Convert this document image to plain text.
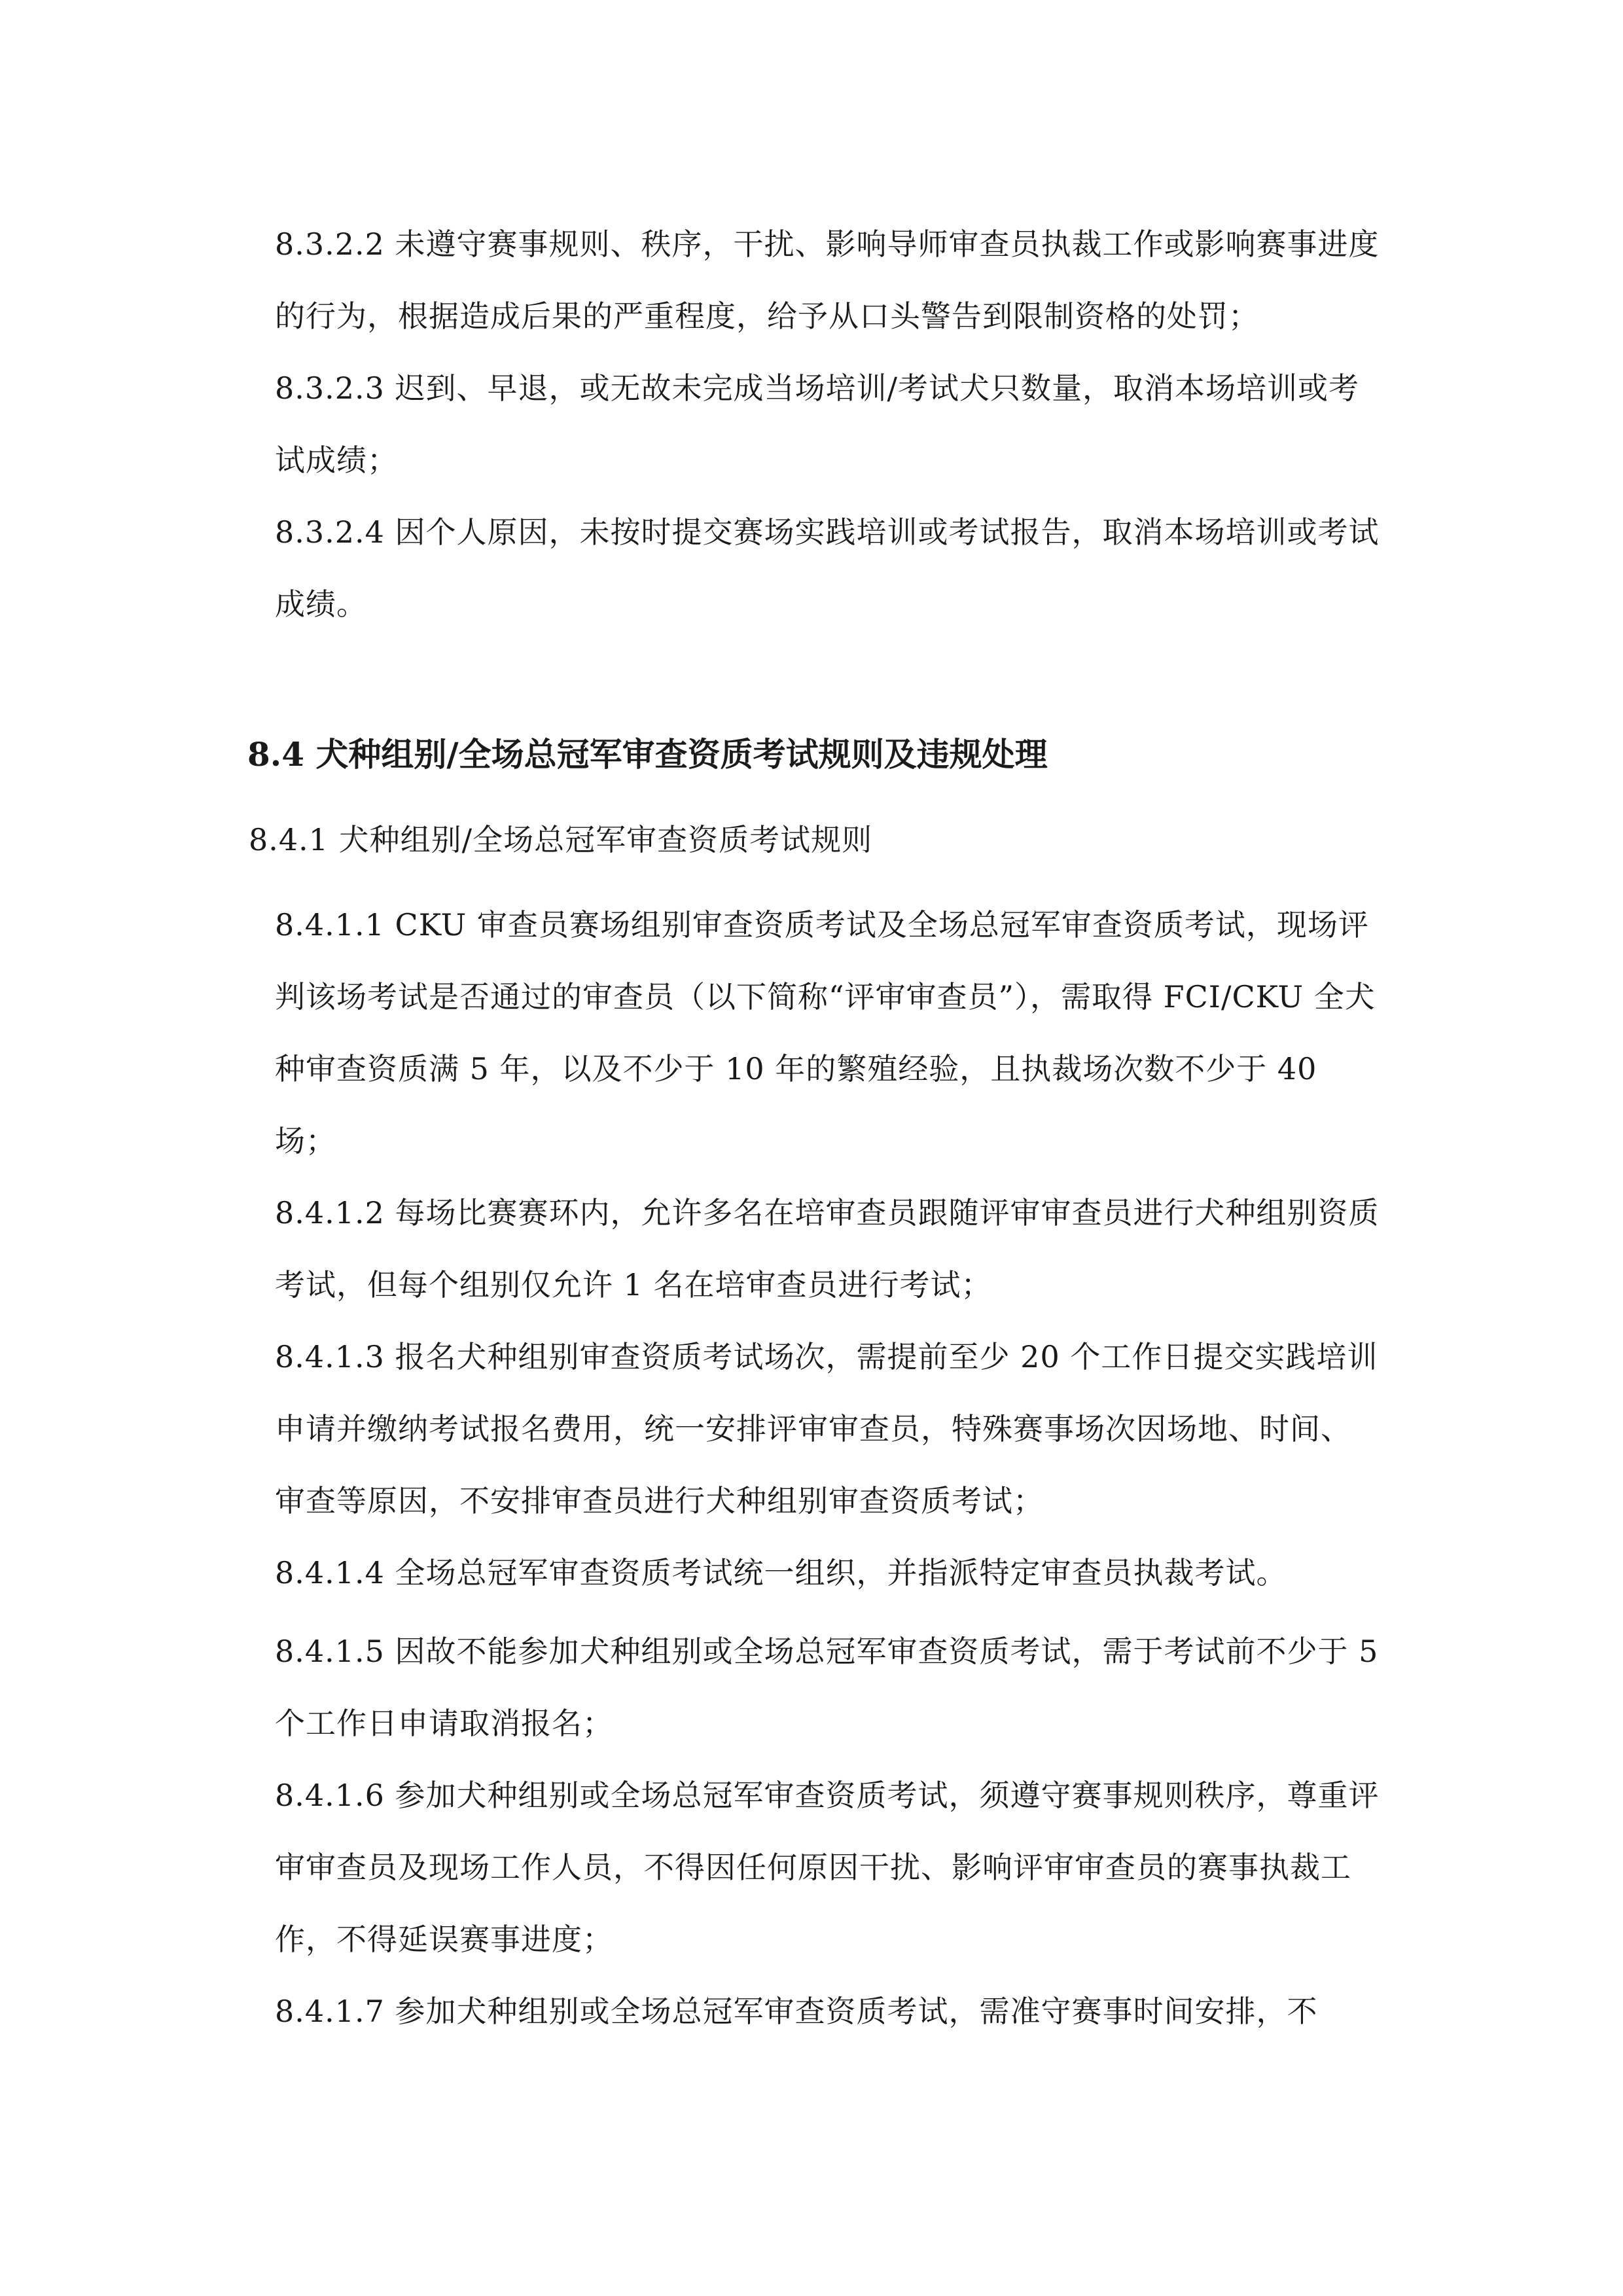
8.3.2.2 未遵守赛事规则、秩序，干扰、影响导师审查员执裁工作或影响赛事进度的行为，根据造成后果的严重程度，给予从口头警告到限制资格的处罚；

8.3.2.3 迟到、早退，或无故未完成当场培训/考试犬只数量，取消本场培训或考试成绩；

8.3.2.4 因个人原因，未按时提交赛场实践培训或考试报告，取消本场培训或考试成绩。

8.4 犬种组别/全场总冠军审查资质考试规则及违规处理

8.4.1 犬种组别/全场总冠军审查资质考试规则

8.4.1.1 CKU 审查员赛场组别审查资质考试及全场总冠军审查资质考试，现场评判该场考试是否通过的审查员（以下简称“评审审查员”），需取得 FCI/CKU 全犬种审查资质满 5 年，以及不少于 10 年的繁殖经验，且执裁场次数不少于 40 场；

8.4.1.2 每场比赛赛环内，允许多名在培审查员跟随评审审查员进行犬种组别资质考试，但每个组别仅允许 1 名在培审查员进行考试；

8.4.1.3 报名犬种组别审查资质考试场次，需提前至少 20 个工作日提交实践培训申请并缴纳考试报名费用，统一安排评审审查员，特殊赛事场次因场地、时间、审查等原因，不安排审查员进行犬种组别审查资质考试；

8.4.1.4 全场总冠军审查资质考试统一组织，并指派特定审查员执裁考试。

8.4.1.5 因故不能参加犬种组别或全场总冠军审查资质考试，需于考试前不少于 5 个工作日申请取消报名；

8.4.1.6 参加犬种组别或全场总冠军审查资质考试，须遵守赛事规则秩序，尊重评审审查员及现场工作人员，不得因任何原因干扰、影响评审审查员的赛事执裁工作，不得延误赛事进度；

8.4.1.7 参加犬种组别或全场总冠军审查资质考试，需准守赛事时间安排，不
